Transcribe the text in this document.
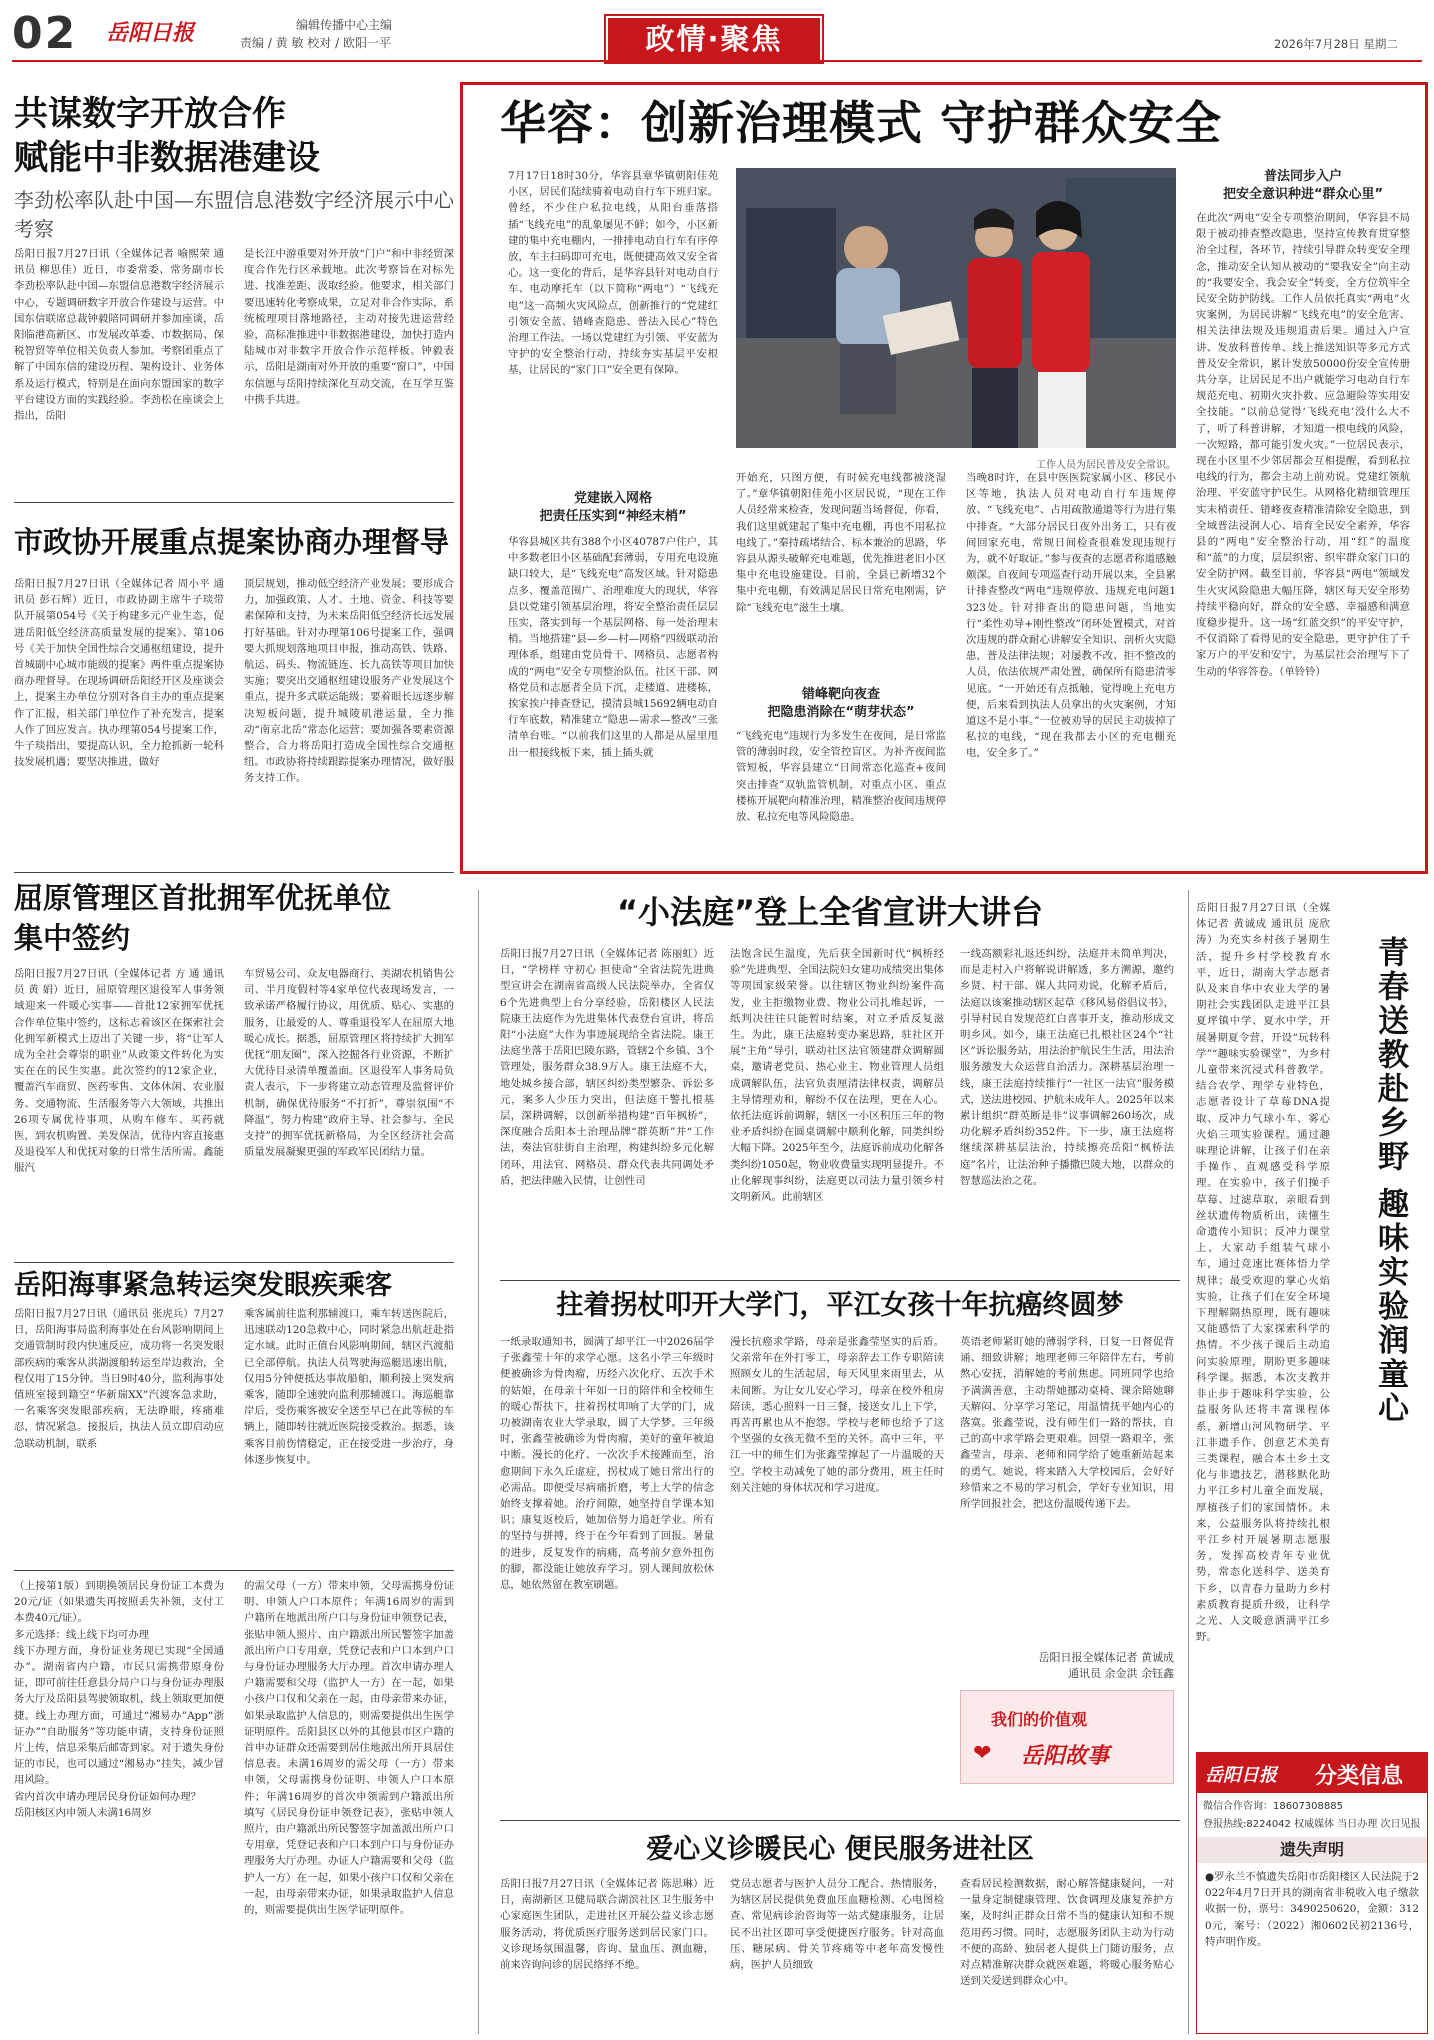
02 岳阳日报	编辑传播中心主编
责编 / 黄 敏 校对 / 欧阳一平	政情·聚焦	2026年7月28日 星期二
共谋数字开放合作
赋能中非数据港建设
李劲松率队赴中国—东盟信息港数字经济展示中心考察
岳阳日报7月27日讯（全媒体记者 喻熙荣 通讯员 柳思佳）近日，市委常委、常务副市长李劲松率队赴中国—东盟信息港数字经济展示中心，专题调研数字开放合作建设与运营。中国东信联席总裁钟毅陪同调研并参加座谈，岳阳临港高新区、市发展改革委、市数据局、保税智贸等单位相关负责人参加。考察团重点了解了中国东信的建设历程、架构设计、业务体系及运行模式，特别是在面向东盟国家的数字平台建设方面的实践经验。李劲松在座谈会上指出，岳阳
是长江中游重要对外开放“门户”和中非经贸深度合作先行区承载地。此次考察旨在对标先进、找准差距、汲取经验。他要求，相关部门要迅速转化考察成果，立足对非合作实际，系统梳理项目落地路径，主动对接先进运营经验，高标准推进中非数据港建设，加快打造内陆城市对非数字开放合作示范样板。钟毅表示，岳阳是湖南对外开放的重要“窗口”，中国东信愿与岳阳持续深化互动交流，在互学互鉴中携手共进。
市政协开展重点提案协商办理督导
岳阳日报7月27日讯（全媒体记者 周小平 通讯员 彭石辉）近日，市政协副主席牛子琰带队开展第054号《关于构建多元产业生态，促进岳阳低空经济高质量发展的提案》、第106号《关于加快全国性综合交通枢纽建设，提升首城副中心城市能级的提案》两件重点提案协商办理督导。在现场调研岳阳经开区及座谈会上，提案主办单位分别对各自主办的重点提案作了汇报，相关部门单位作了补充发言，提案人作了回应发言。执办理第054号提案工作，牛子琰指出，要提高认识，全力抢抓新一轮科技发展机遇；要坚决推进，做好
顶层规划，推动低空经济产业发展；要形成合力，加强政策、人才、土地、资金、科技等要素保障和支持，为未来岳阳低空经济长远发展打好基础。针对办理第106号提案工作，强调要大抓规划落地项目申报，推动高铁、铁路、航运、码头、物流链连、长九高铁等项目加快实施；要突出交通枢纽建设服务产业发展这个重点，提升多式联运能级；要着眼长远逐步解决短板问题，提升城陵矶港运量，全力推动“南京北岳”常态化运营；要加强各要素资源整合，合力将岳阳打造成全国性综合交通枢纽。市政协将持续跟踪提案办理情况，做好服务支持工作。
屈原管理区首批拥军优抚单位
集中签约
岳阳日报7月27日讯（全媒体记者 方 通 通讯员 黄 娟）近日，屈原管理区退役军人事务领域迎来一件暖心实事——首批12家拥军优抚合作单位集中签约，这标志着该区在探索社会化拥军新模式上迈出了关键一步，将“让军人成为全社会尊崇的职业”从政策文件转化为实实在在的民生实惠。此次签约的12家企业，覆盖汽车商贸、医药零售、文体休闲、农业服务、交通物流、生活服务等六大领域，共推出26项专属优待事项，从购车修车、买药就医，到农机购置、美发保洁，优待内容直接惠及退役军人和优抚对象的日常生活所需。鑫能服汽
车贸易公司、众友电器商行、美湖农机销售公司、半月度假村等4家单位代表现场发言，一致承诺严格履行协议，用优质、贴心、实惠的服务，让最爱的人、尊重退役军人在屈原大地暖心成长。据悉，屈原管理区将持续扩大拥军优抚“朋友圈”，深入挖掘各行业资源，不断扩大优待目录清单覆盖面。区退役军人事务局负责人表示，下一步将建立动态管理及监督评价机制，确保优待服务“不打折”，尊崇氛围“不降温”，努力构建“政府主导、社会参与、全民支持”的拥军优抚新格局，为全区经济社会高质量发展凝聚更强的军政军民团结力量。
岳阳海事紧急转运突发眼疾乘客
岳阳日报7月27日讯（通讯员 张虎兵）7月27日，岳阳海事局监利海事处在台风影响期间上交通管制时段内快速反应，成功将一名突发眼部疾病的乘客从洪湖渡船转运至岸边救治，全程仅用了15分钟。当日9时40分，监利海事处值班室接到籍空“华新瑞XX”汽渡客急求助，一名乘客突发眼部疾病，无法睁眼，疼痛难忍，情况紧急。接报后，执法人员立即启动应急联动机制，联系
乘客属前往监利那辅渡口，乘车转送医院后，迅速联动120急救中心，同时紧急出航赶赴指定水域。此时正值台风影响期间，辖区汽渡船已全部停航。执法人员驾驶海巡艇迅速出航，仅用5分钟便抵达事故船舶，顺利接上突发病乘客，随即全速驶向监利那辅渡口。海巡艇靠岸后，受伤乘客被安全送至早已在此等候的车辆上，随即转往就近医院接受救治。据悉，该乘客目前伤情稳定，正在接受进一步治疗，身体逐步恢复中。
（上接第1版）到期换领居民身份证工本费为20元/证（如果遗失再按照丢失补领，支付工本费40元/证）。
多元选择：线上线下均可办理
线下办理方面，身份证业务现已实现“全国通办”。湖南省内户籍，市民只需携带原身份证，即可前往任意县分局户口与身份证办理服务大厅及岳阳县驾驶领取机，线上领取更加便捷。线上办理方面，可通过“湘易办”App“浙证办”“自助服务”等功能申请，支持身份证照片上传，信息采集后邮寄到家。对于遗失身份证的市民，也可以通过“湘易办”挂失，减少冒用风险。
省内首次申请办理居民身份证如何办理？
岳阳核区内申领人未满16周岁
的需父母（一方）带来申领，父母需携身份证明、申领人户口本原件；年满16周岁的需到户籍所在地派出所户口与身份证申领登记表，张贴申领人照片、由户籍派出所民警签字加盖派出所户口专用章，凭登记表和户口本到户口与身份证办理服务大厅办理。首次申请办理人户籍需要和父母（监护人一方）在一起，如果小孩户口仅和父亲在一起，由母亲带来办证，如果录取监护人信息的，则需要提供出生医学证明原件。岳阳县区以外的其他县市区户籍的首申办证群众还需要到居住地派出所开具居住信息表。未满16周岁的需父母（一方）带来申领，父母需携身份证明、申领人户口本原件；年满16周岁的首次申领需到户籍派出所填写《居民身份证申领登记表》，张贴申领人照片，由户籍派出所民警签字加盖派出所户口专用章，凭登记表和户口本到户口与身份证办理服务大厅办理。办证人户籍需要和父母（监护人一方）在一起，如果小孩户口仅和父亲在一起，由母亲带来办证，如果录取监护人信息的，则需要提供出生医学证明原件。
华容：创新治理模式 守护群众安全
7月17日18时30分，华容县章华镇朝阳佳苑小区，居民们陆续骑着电动自行车下班归家。曾经，不少住户私拉电线，从阳台垂落搭插“飞线充电”的乱象屡见不鲜；如今，小区新建的集中充电棚内，一排排电动自行车有序停放，车主扫码即可充电，既便捷高效又安全省心。这一变化的背后，是华容县针对电动自行车、电动摩托车（以下简称“两电”）“飞线充电”这一高频火灾风险点，创新推行的“党建红引领安全蓝、错峰查隐患、普法入民心”特色治理工作法。一场以党建红为引领、平安蓝为守护的安全整治行动，持续夯实基层平安根基，让居民的“家门口”安全更有保障。
党建嵌入网格
把责任压实到“神经末梢”
华容县城区共有388个小区40787户住户，其中多数老旧小区基础配套薄弱，专用充电设施缺口较大，是“飞线充电”高发区域。针对隐患点多、覆盖范围广、治理难度大的现状，华容县以党建引领基层治理，将安全整治责任层层压实，落实到每一个基层网格、每一处治理末梢。当地搭建“县—乡—村—网格”四级联动治理体系，组建由党员骨干、网格员、志愿者构成的“两电”安全专项整治队伍。社区干部、网格党员和志愿者全员下沉，走楼道、进楼栋，挨家挨户排查登记，摸清县城15692辆电动自行车底数，精准建立“隐患—需求—整改”三张清单台账。“以前我们这里的人都是从屋里甩出一根接线板下来，插上插头就
工作人员为居民普及安全常识。
开始充，只图方便，有时候充电线都被浇湿了。”章华镇朝阳佳苑小区居民说，“现在工作人员经常来检查，发现问题当场督促，你看，我们这里就建起了集中充电棚，再也不用私拉电线了。”秦持疏堵结合、标本兼治的思路，华容县从源头破解充电难题，优先推进老旧小区集中充电设施建设。目前，全县已新增32个集中充电棚，有效满足居民日常充电刚需，铲除“飞线充电”滋生土壤。
错峰靶向夜查
把隐患消除在“萌芽状态”
“飞线充电”违规行为多发生在夜间，是日常监管的薄弱时段，安全管控盲区。为补齐夜间监管短板，华容县建立“日间常态化巡查+夜间突击排查”双轨监管机制，对重点小区、重点楼栋开展靶向精准治理，精准整治夜间违规停放、私拉充电等风险隐患。
当晚8时许，在县中医医院家属小区、移民小区等地，执法人员对电动自行车违规停放、“飞线充电”、占用疏散通道等行为进行集中排查。“大部分居民日夜外出务工，只有夜间回家充电，常规日间检查很难发现违规行为，就不好取证。”参与夜查的志愿者称道感触颇深。自夜间专项巡查行动开展以来，全县累计排查整改“两电”违规停放、违规充电问题1323处。针对排查出的隐患问题，当地实行“柔性劝导+刚性整改”闭环处置模式，对首次违规的群众耐心讲解安全知识、剖析火灾隐患，普及法律法规；对屡教不改、拒不整改的人员，依法依规严肃处置，确保所有隐患清零见底。“一开始还有点抵触，觉得晚上充电方便，后来看到执法人员拿出的火灾案例，才知道这不是小事。”一位被劝导的居民主动拔掉了私拉的电线，“现在我都去小区的充电棚充电，安全多了。”
普法同步入户
把安全意识种进“群众心里”
在此次“两电”安全专项整治期间，华容县不局限于被动排查整改隐患，坚持宣传教育贯穿整治全过程，各环节，持续引导群众转变安全理念，推动安全认知从被动的“要我安全”向主动的“我要安全、我会安全”转变，全方位筑牢全民安全防护防线。工作人员依托真实“两电”火灾案例，为居民讲解“飞线充电”的安全危害、相关法律法规及违规追责后果。通过入户宣讲、发放科普传单、线上推送知识等多元方式普及安全常识，累计发放50000份安全宣传册共分享，让居民足不出户就能学习电动自行车规范充电、初期火灾扑救、应急避险等实用安全技能。“以前总觉得‘飞线充电’没什么大不了，听了科普讲解，才知道一根电线的风险，一次短路，都可能引发火灾。”一位居民表示，现在小区里不少邻居都会互相提醒，看到私拉电线的行为，都会主动上前劝说。党建红领航治理、平安蓝守护民生。从网格化精细管理压实末梢责任、错峰夜查精准清除安全隐患，到全域普法浸润人心、培育全民安全素养，华容县的“两电”安全整治行动，用“红”的温度和“蓝”的力度，层层织密、织牢群众家门口的安全防护网。截至目前，华容县“两电”领域发生火灾风险隐患大幅压降，辖区每天安全形势持续平稳向好，群众的安全感、幸福感和满意度稳步提升。这一场“红蓝交织”的平安守护，不仅消除了看得见的安全隐患，更守护住了千家万户的平安和安宁，为基层社会治理写下了生动的华容答卷。（单铃铃）
“小法庭”登上全省宣讲大讲台
岳阳日报7月27日讯（全媒体记者 陈丽虹）近日，“学榜样 守初心 担使命”全省法院先进典型宣讲会在湖南省高级人民法院举办，全省仅6个先进典型上台分享经验，岳阳楼区人民法院康王法庭作为先进集体代表登台宣讲，将岳阳“小法庭”大作为事迹展现给全省法院。康王法庭坐落于岳阳巴陵东路，管辖2个乡镇、3个管理处，服务群众38.9万人。康王法庭不大，地处城乡接合部，辖区纠纷类型繁杂、诉讼多元，案多人少压力突出，但法庭干警扎根基层，深耕调解，以创新举措构建“百年枫桥”，深度融合岳阳本土治理品牌“群英断”并“工作法，奏法官驻街自主治理，构建纠纷多元化解闭环，用法官、网格员、群众代表共同调处矛盾，把法律融入民情，让创性司
法饱含民生温度，先后获全国新时代“枫桥经验”先进典型、全国法院妇女建功成绩突出集体等项国家级荣誉。以往辖区物业纠纷案件高发，业主拒缴物业费、物业公司扎堆起诉，一纸判决往往只能暂时结案，对立矛盾反复滋生。为此，康王法庭转变办案思路，驻社区开展“主角”导引，联动社区法官领建群众调解圆桌，邀请老党员、热心业主、物业管理人员组成调解队伍，法官负责厘清法律权责，调解员主导情理劝和，解纷不仅在法理，更在人心。依托法庭诉前调解，辖区一小区积压三年的物业矛盾纠纷在圆桌调解中顺利化解，同类纠纷大幅下降。2025年至今，法庭诉前成功化解各类纠纷1050起，物业收费量实现明显提升。不止化解现事纠纷，法庭更以司法力量引领乡村文明新风。此前辖区
一线高额彩礼返还纠纷，法庭并未简单判决，而是走村入户将解说讲解透，多方溯源，邀约乡贤、村干部、媒人共同劝说，化解矛盾后，法庭以该案推动辖区起草《移风易俗倡议书》，引导村民自发规范红白喜事开支，推动形成文明乡风。如今，康王法庭已扎根社区24个“社区”诉讼服务站，用法治护航民生生活，用法治服务激发大众运营自治活力。深耕基层治理一线，康王法庭持续推行“一社区一法官”服务模式，送法进校园、护航未成年人。2025年以来累计组织“群英断是非”议事调解260场次，成功化解矛盾纠纷352件。下一步，康王法庭将继续深耕基层法治，持续擦亮岳阳“枫桥法庭”名片，让法治种子播撒巴陵大地，以群众的智慧巡法治之花。
拄着拐杖叩开大学门，平江女孩十年抗癌终圆梦
一纸录取通知书，圆满了却平江一中2026届学子张鑫莹十年的求学心愿。这名小学三年级时便被确诊为骨肉瘤，历经六次化疗、五次手术的姑娘，在母亲十年如一日的陪伴和全校师生的暖心帮扶下，拄着拐杖叩响了大学的门，成功被湖南农业大学录取，圆了大学梦。三年级时，张鑫莹被确诊为骨肉瘤，美好的童年被迫中断。漫长的化疗、一次次手术接踵而至，治愈期间下永久丘虚症，拐杖成了她日常出行的必需品。即便受尽病痛折磨，考上大学的信念始终支撑着她。治疗间隙，她坚持自学课本知识；康复返校后，她加倍努力追赶学业。所有的坚持与拼搏，终于在今年看到了回报。暑量的进步，反复发作的病痛，高考前夕意外扭伤的脚，都没能让她放弃学习。别人课间放松休息，她依然留在教室刷题。
漫长抗癌求学路，母亲是张鑫莹坚实的后盾。父亲常年在外打零工，母亲辞去工作专职陪读照顾女儿的生活起居，每天风里来雨里去，从未间断。为让女儿安心学习，母亲在校外租房陪读，悉心照料一日三餐，接送女儿上下学，再苦再累也从不抱怨。学校与老师也给予了这个坚强的女孩无微不至的关怀。高中三年，平江一中的师生们为张鑫莹撑起了一片温暖的天空。学校主动减免了她的部分费用，班主任时刻关注她的身体状况和学习进度。
英语老师紧盯她的薄弱学科，日复一日督促背诵、细致讲解；地理老师三年陪伴左右，考前熬心安抚，消解她的考前焦虑。同班同学也给予满满善意，主动帮她挪动桌椅、课余陪她聊天解闷、分享学习笔记，用温情抚平她内心的落寞。张鑫莹说，没有师生们一路的帮扶，自己的高中求学路会更艰难。回望一路艰辛，张鑫莹言，母亲、老师和同学给了她重新站起来的勇气。她说，将来踏入大学校园后，会好好珍惜来之不易的学习机会，学好专业知识，用所学回报社会，把这份温暖传递下去。
岳阳日报全媒体记者 黄诚成
通讯员 余金洪 余钰鑫
我们的价值观
岳阳故事
❤
爱心义诊暖民心 便民服务进社区
岳阳日报7月27日讯（全媒体记者 陈思琳）近日，南湖新区卫健局联合湖滨社区卫生服务中心家庭医生团队，走进社区开展公益义诊志愿服务活动，将优质医疗服务送到居民家门口。义诊现场氛围温馨，咨询、量血压、测血糖，前来咨询问诊的居民络绎不绝。
党员志愿者与医护人员分工配合、热情服务，为辖区居民提供免费血压血糖检测、心电图检查、常见病诊治咨询等一站式健康服务，让居民不出社区即可享受便捷医疗服务。针对高血压、糖尿病、骨关节疼痛等中老年高发慢性病，医护人员细致
查看居民检测数据，耐心解答健康疑问，一对一量身定制健康管理、饮食调理及康复养护方案，及时纠正群众日常不当的健康认知和不规范用药习惯。同时，志愿服务团队主动为行动不便的高龄、独居老人提供上门随访服务，点对点精准解决群众就医难题，将暖心服务贴心送到关爱送到群众心中。
岳阳日报7月27日讯（全媒体记者 黄诚成 通讯员 庞欣涛）为充实乡村孩子暑期生活，提升乡村学校教育水平，近日，湖南大学志愿者队及来自华中农业大学的暑期社会实践团队走进平江县夏坪镇中学、夏水中学，开展暑期夏令营，开设“玩转科学”“趣味实验课堂”，为乡村儿童带来沉浸式科普教学。结合农学、理学专业特色，志愿者设计了草莓DNA提取、反冲力气球小车、雾心火焰三项实验课程。通过趣味理论讲解，让孩子们在亲手操作、直观感受科学原理。在实验中，孩子们操手草莓、过滤草取，亲眼看到丝状遗传物质析出，读懂生命遗传小知识；反冲力课堂上，大家动手组装气球小车，通过竞速比赛体悟力学规律；最受欢迎的掌心火焰实验，让孩子们在安全环境下理解隔热原理，既有趣味又能感悟了大家探索科学的热情。不少孩子课后主动追问实验原理，期盼更多趣味科学课。据悉，本次支教并非止步于趣味科学实验，公益服务队还将丰富课程体系，新增山河风物研学、平江非遗手作、创意艺术美育三类课程，融合本土乡土文化与非遗技艺，潜移默化助力平江乡村儿童全面发展，厚植孩子们的家国情怀。未来，公益服务队将持续扎根平江乡村开展暑期志愿服务，发挥高校青年专业优势，常态化送科学、送美育下乡，以青春力量助力乡村素质教育提质升级，让科学之光、人文暖意洒满平江乡野。
青春送教赴乡野 趣味实验润童心
岳阳日报 分类信息
微信合作咨询：18607308885
登报热线:8224042 权威媒体 当日办理 次日见报
遗失声明
●罗永兰不慎遗失岳阳市岳阳楼区人民法院于2022年4月7日开具的湖南省非税收入电子缴款收据一份，票号：3490250620，金额：3120元，案号：（2022）湘0602民初2136号，特声明作废。
